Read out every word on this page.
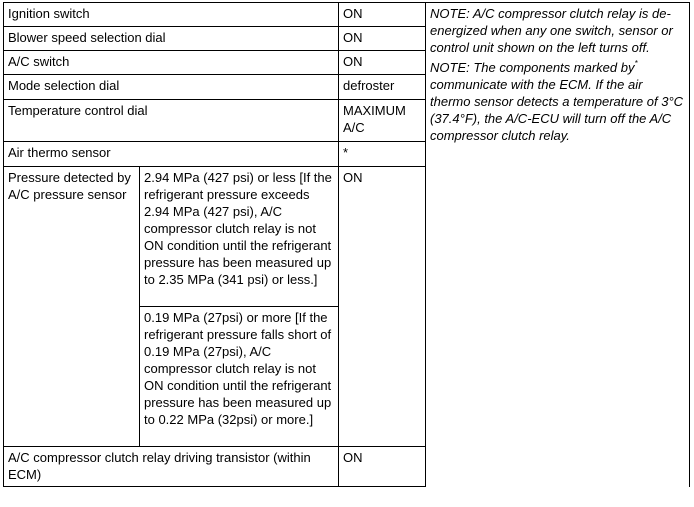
Ignition switch		ON	NOTE: A/C compressor clutch relay is de-energized when any one switch, sensor or control unit shown on the left turns off.
NOTE: The components marked by* communicate with the ECM. If the air thermo sensor detects a temperature of 3°C (37.4°F), the A/C-ECU will turn off the A/C compressor clutch relay.

Blower speed selection dial		ON	
A/C switch		ON	
Mode selection dial		defroster	
Temperature control dial		MAXIMUM A/C	
Air thermo sensor		*	
Pressure detected by A/C pressure sensor	2.94 MPa (427 psi) or less [If the refrigerant pressure exceeds 2.94 MPa (427 psi), A/C compressor clutch relay is not ON condition until the refrigerant pressure has been measured up to 2.35 MPa (341 psi) or less.]	ON	
	0.19 MPa (27psi) or more [If the refrigerant pressure falls short of 0.19 MPa (27psi), A/C compressor clutch relay is not ON condition until the refrigerant pressure has been measured up to 0.22 MPa (32psi) or more.]		
A/C compressor clutch relay driving transistor (within ECM)		ON	
